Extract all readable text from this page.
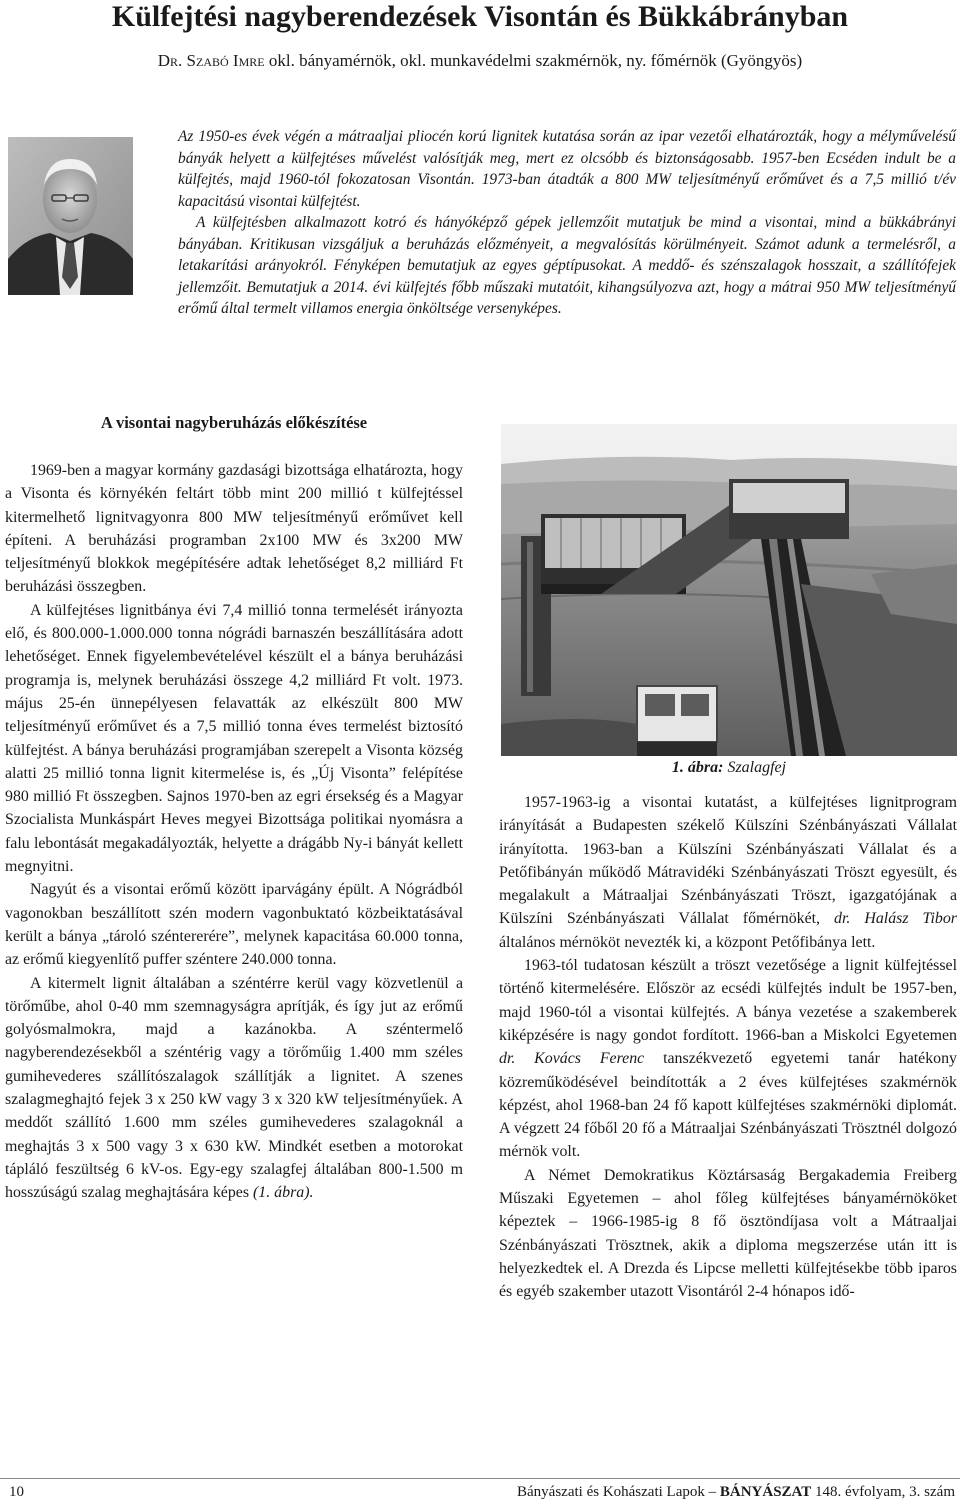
Külfejtési nagyberendezések Visontán és Bükkábrányban
Dr. Szabó Imre okl. bányamérnök, okl. munkavédelmi szakmérnök, ny. főmérnök (Gyöngyös)

Az 1950-es évek végén a mátraaljai pliocén korú lignitek kutatása során az ipar vezetői elhatározták, hogy a mélyművelésű bányák helyett a külfejtéses művelést valósítják meg, mert ez olcsóbb és biztonságosabb. 1957-ben Ecséden indult be a külfejtés, majd 1960-tól fokozatosan Visontán. 1973-ban átadták a 800 MW teljesítményű erőművet és a 7,5 millió t/év kapacitású visontai külfejtést.

A külfejtésben alkalmazott kotró és hányóképző gépek jellemzőit mutatjuk be mind a visontai, mind a bükkábrányi bányában. Kritikusan vizsgáljuk a beruházás előzményeit, a megvalósítás körülményeit. Számot adunk a termelésről, a letakarítási arányokról. Fényképen bemutatjuk az egyes géptípusokat. A meddő- és szénszalagok hosszait, a szállítófejek jellemzőit. Bemutatjuk a 2014. évi külfejtés főbb műszaki mutatóit, kihangsúlyozva azt, hogy a mátrai 950 MW teljesítményű erőmű által termelt villamos energia önköltsége versenyképes.

A visontai nagyberuházás előkészítése

1969-ben a magyar kormány gazdasági bizottsága elhatározta, hogy a Visonta és környékén feltárt több mint 200 millió t külfejtéssel kitermelhető lignitvagyonra 800 MW teljesítményű erőművet kell építeni. A beruházási programban 2x100 MW és 3x200 MW teljesítményű blokkok megépítésére adtak lehetőséget 8,2 milliárd Ft beruházási összegben.

A külfejtéses lignitbánya évi 7,4 millió tonna termelését irányozta elő, és 800.000-1.000.000 tonna nógrádi barnaszén beszállítására adott lehetőséget. Ennek figyelembevételével készült el a bánya beruházási programja is, melynek beruházási összege 4,2 milliárd Ft volt. 1973. május 25-én ünnepélyesen felavatták az elkészült 800 MW teljesítményű erőművet és a 7,5 millió tonna éves termelést biztosító külfejtést. A bánya beruházási programjában szerepelt a Visonta község alatti 25 millió tonna lignit kitermelése is, és „Új Visonta” felépítése 980 millió Ft összegben. Sajnos 1970-ben az egri érsekség és a Magyar Szocialista Munkáspárt Heves megyei Bizottsága politikai nyomásra a falu lebontását megakadályozták, helyette a drágább Ny-i bányát kellett megnyitni.

Nagyút és a visontai erőmű között iparvágány épült. A Nógrádból vagonokban beszállított szén modern vagonbuktató közbeiktatásával került a bánya „tároló széntererére”, melynek kapacitása 60.000 tonna, az erőmű kiegyenlítő puffer széntere 240.000 tonna.

A kitermelt lignit általában a széntérre kerül vagy közvetlenül a törőműbe, ahol 0-40 mm szemnagyságra aprítják, és így jut az erőmű golyósmalmokra, majd a kazánokba. A széntermelő nagyberendezésekből a széntérig vagy a törőműig 1.400 mm széles gumihevederes szállítószalagok szállítják a lignitet. A szenes szalagmeghajtó fejek 3 x 250 kW vagy 3 x 320 kW teljesítményűek. A meddőt szállító 1.600 mm széles gumihevederes szalagoknál a meghajtás 3 x 500 vagy 3 x 630 kW. Mindkét esetben a motorokat tápláló feszültség 6 kV-os. Egy-egy szalagfej általában 800-1.500 m hosszúságú szalag meghajtására képes (1. ábra).

1. ábra: Szalagfej

1957-1963-ig a visontai kutatást, a külfejtéses lignitprogram irányítását a Budapesten székelő Külszíni Szénbányászati Vállalat irányította. 1963-ban a Külszíni Szénbányászati Vállalat és a Petőfibányán működő Mátravidéki Szénbányászati Tröszt egyesült, és megalakult a Mátraaljai Szénbányászati Tröszt, igazgatójának a Külszíni Szénbányászati Vállalat főmérnökét, dr. Halász Tibor általános mérnököt nevezték ki, a központ Petőfibánya lett.

1963-tól tudatosan készült a tröszt vezetősége a lignit külfejtéssel történő kitermelésére. Először az ecsédi külfejtés indult be 1957-ben, majd 1960-tól a visontai külfejtés. A bánya vezetése a szakemberek kiképzésére is nagy gondot fordított. 1966-ban a Miskolci Egyetemen dr. Kovács Ferenc tanszékvezető egyetemi tanár hatékony közreműködésével beindították a 2 éves külfejtéses szakmérnök képzést, ahol 1968-ban 24 fő kapott külfejtéses szakmérnöki diplomát. A végzett 24 főből 20 fő a Mátraaljai Szénbányászati Trösztnél dolgozó mérnök volt.

A Német Demokratikus Köztársaság Bergakademia Freiberg Műszaki Egyetemen – ahol főleg külfejtéses bányamérnököket képeztek – 1966-1985-ig 8 fő ösztöndíjasa volt a Mátraaljai Szénbányászati Trösztnek, akik a diploma megszerzése után itt is helyezkedtek el. A Drezda és Lipcse melletti külfejtésekbe több iparos és egyéb szakember utazott Visontáról 2-4 hónapos idő-

10	Bányászati és Kohászati Lapok – BÁNYÁSZAT 148. évfolyam, 3. szám
